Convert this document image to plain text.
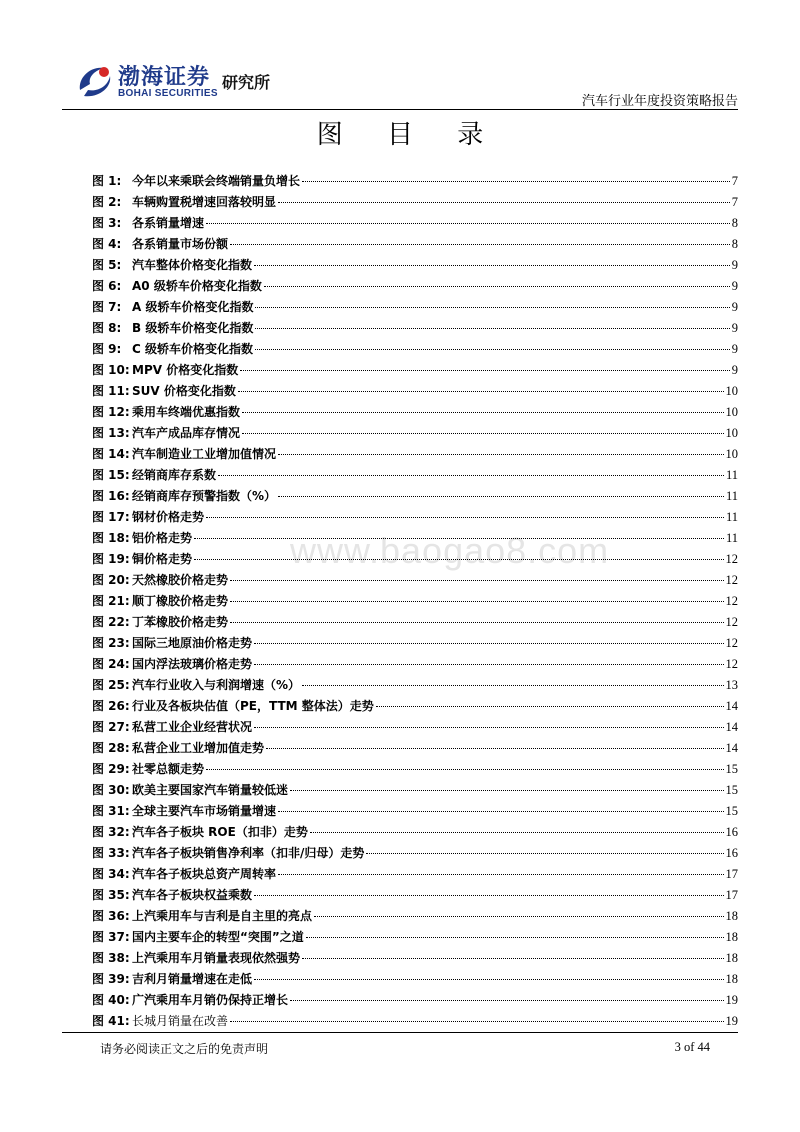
渤海证券
BOHAI SECURITIES
研究所
汽车行业年度投资策略报告
图 目 录
www.baogao8.com
图 1: 今年以来乘联会终端销量负增长	7
图 2: 车辆购置税增速回落较明显	7
图 3: 各系销量增速	8
图 4: 各系销量市场份额	8
图 5: 汽车整体价格变化指数	9
图 6: A0 级轿车价格变化指数	9
图 7: A 级轿车价格变化指数	9
图 8: B 级轿车价格变化指数	9
图 9: C 级轿车价格变化指数	9
图 10: MPV 价格变化指数	9
图 11: SUV 价格变化指数	10
图 12: 乘用车终端优惠指数	10
图 13: 汽车产成品库存情况	10
图 14: 汽车制造业工业增加值情况	10
图 15: 经销商库存系数	11
图 16: 经销商库存预警指数（%）	11
图 17: 钢材价格走势	11
图 18: 铝价格走势	11
图 19: 铜价格走势	12
图 20: 天然橡胶价格走势	12
图 21: 顺丁橡胶价格走势	12
图 22: 丁苯橡胶价格走势	12
图 23: 国际三地原油价格走势	12
图 24: 国内浮法玻璃价格走势	12
图 25: 汽车行业收入与利润增速（%）	13
图 26: 行业及各板块估值（PE，TTM 整体法）走势	14
图 27: 私营工业企业经营状况	14
图 28: 私营企业工业增加值走势	14
图 29: 社零总额走势	15
图 30: 欧美主要国家汽车销量较低迷	15
图 31: 全球主要汽车市场销量增速	15
图 32: 汽车各子板块 ROE（扣非）走势	16
图 33: 汽车各子板块销售净利率（扣非/归母）走势	16
图 34: 汽车各子板块总资产周转率	17
图 35: 汽车各子板块权益乘数	17
图 36: 上汽乘用车与吉利是自主里的亮点	18
图 37: 国内主要车企的转型“突围”之道	18
图 38: 上汽乘用车月销量表现依然强势	18
图 39: 吉利月销量增速在走低	18
图 40: 广汽乘用车月销仍保持正增长	19
图 41: 长城月销量在改善	19
请务必阅读正文之后的免责声明	3 of 44
